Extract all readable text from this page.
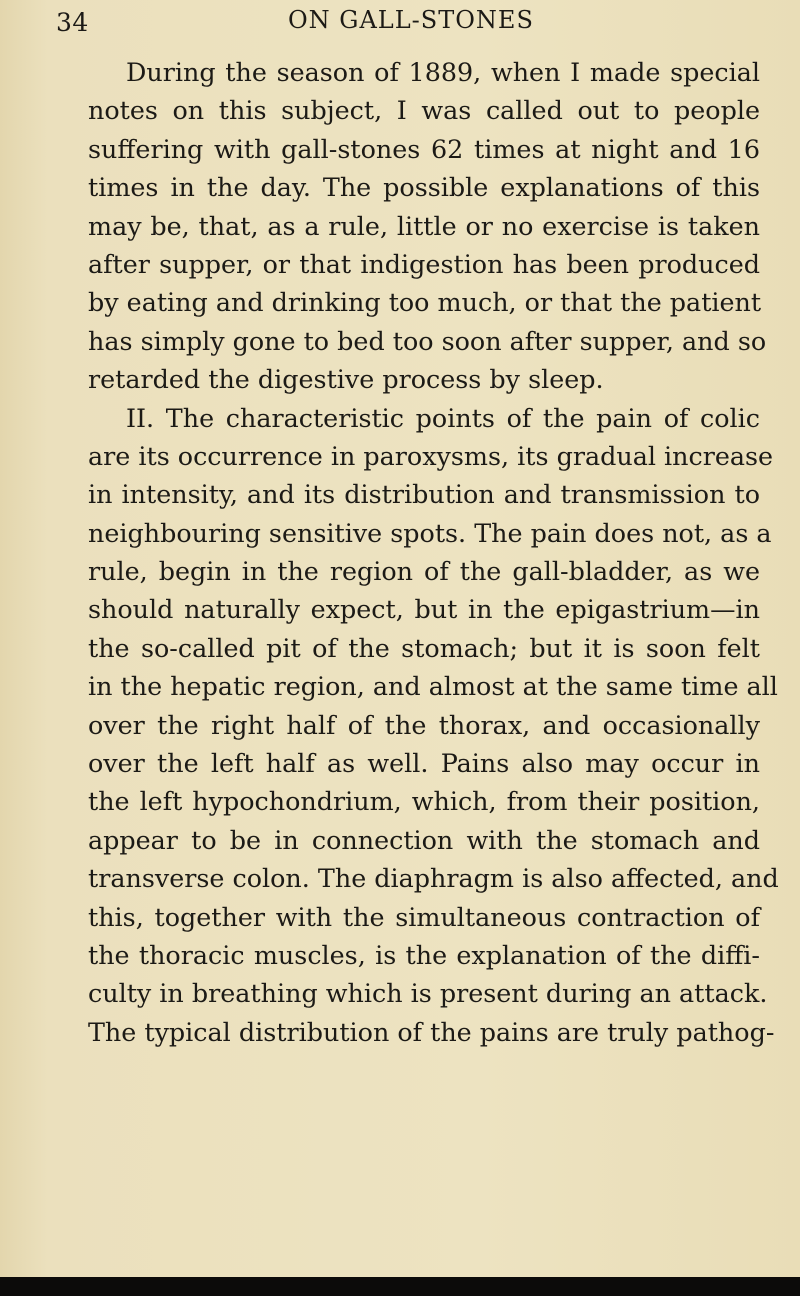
34	ON GALL-STONES
During the season of 1889, when I made special
notes on this subject, I was called out to people
suffering with gall-stones 62 times at night and 16
times in the day. The possible explanations of this
may be, that, as a rule, little or no exercise is taken
after supper, or that indigestion has been produced
by eating and drinking too much, or that the patient
has simply gone to bed too soon after supper, and so
retarded the digestive process by sleep.
II. The characteristic points of the pain of colic
are its occurrence in paroxysms, its gradual increase
in intensity, and its distribution and transmission to
neighbouring sensitive spots. The pain does not, as a
rule, begin in the region of the gall-bladder, as we
should naturally expect, but in the epigastrium—in
the so-called pit of the stomach; but it is soon felt
in the hepatic region, and almost at the same time all
over the right half of the thorax, and occasionally
over the left half as well. Pains also may occur in
the left hypochondrium, which, from their position,
appear to be in connection with the stomach and
transverse colon. The diaphragm is also affected, and
this, together with the simultaneous contraction of
the thoracic muscles, is the explanation of the diffi-
culty in breathing which is present during an attack.
The typical distribution of the pains are truly pathog-
